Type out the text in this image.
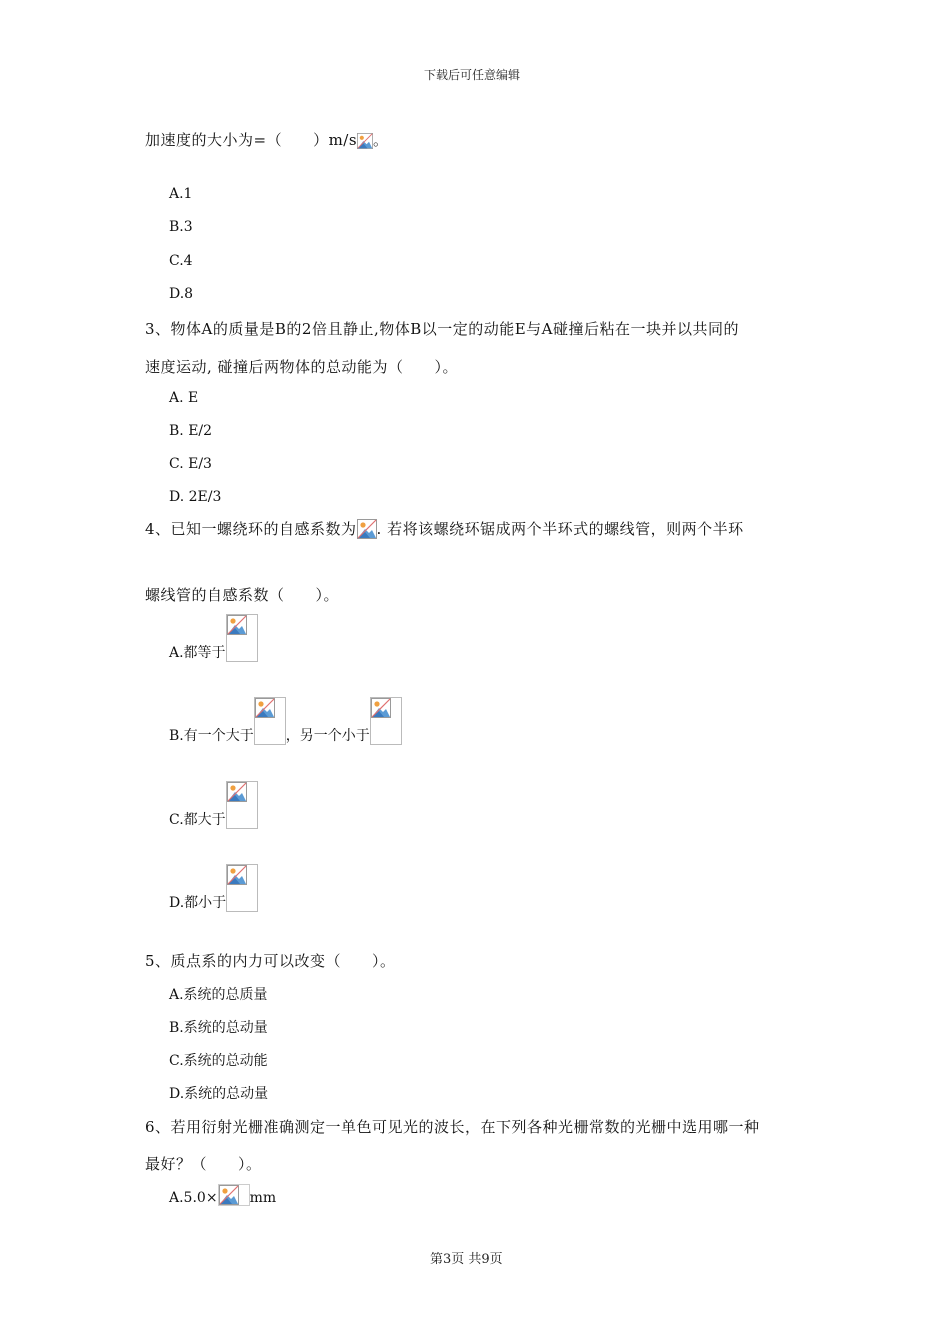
下载后可任意编辑
加速度的大小为=（　　）m/s 。
A.1
B.3
C.4
D.8
3、物体A的质量是B的2倍且静止,物体B以一定的动能E与A碰撞后粘在一块并以共同的
速度运动, 碰撞后两物体的总动能为（　　）。
A. E
B. E/2
C. E/3
D. 2E/3
4、已知一螺绕环的自感系数为 . 若将该螺绕环锯成两个半环式的螺线管，则两个半环
螺线管的自感系数（　　）。
A.都等于
B.有一个大于 ，另一个小于
C.都大于
D.都小于
5、质点系的内力可以改变（　　）。
A.系统的总质量
B.系统的总动量
C.系统的总动能
D.系统的总动量
6、若用衍射光栅准确测定一单色可见光的波长，在下列各种光栅常数的光栅中选用哪一种
最好？（　　）。
A.5.0× mm
第3页 共9页
